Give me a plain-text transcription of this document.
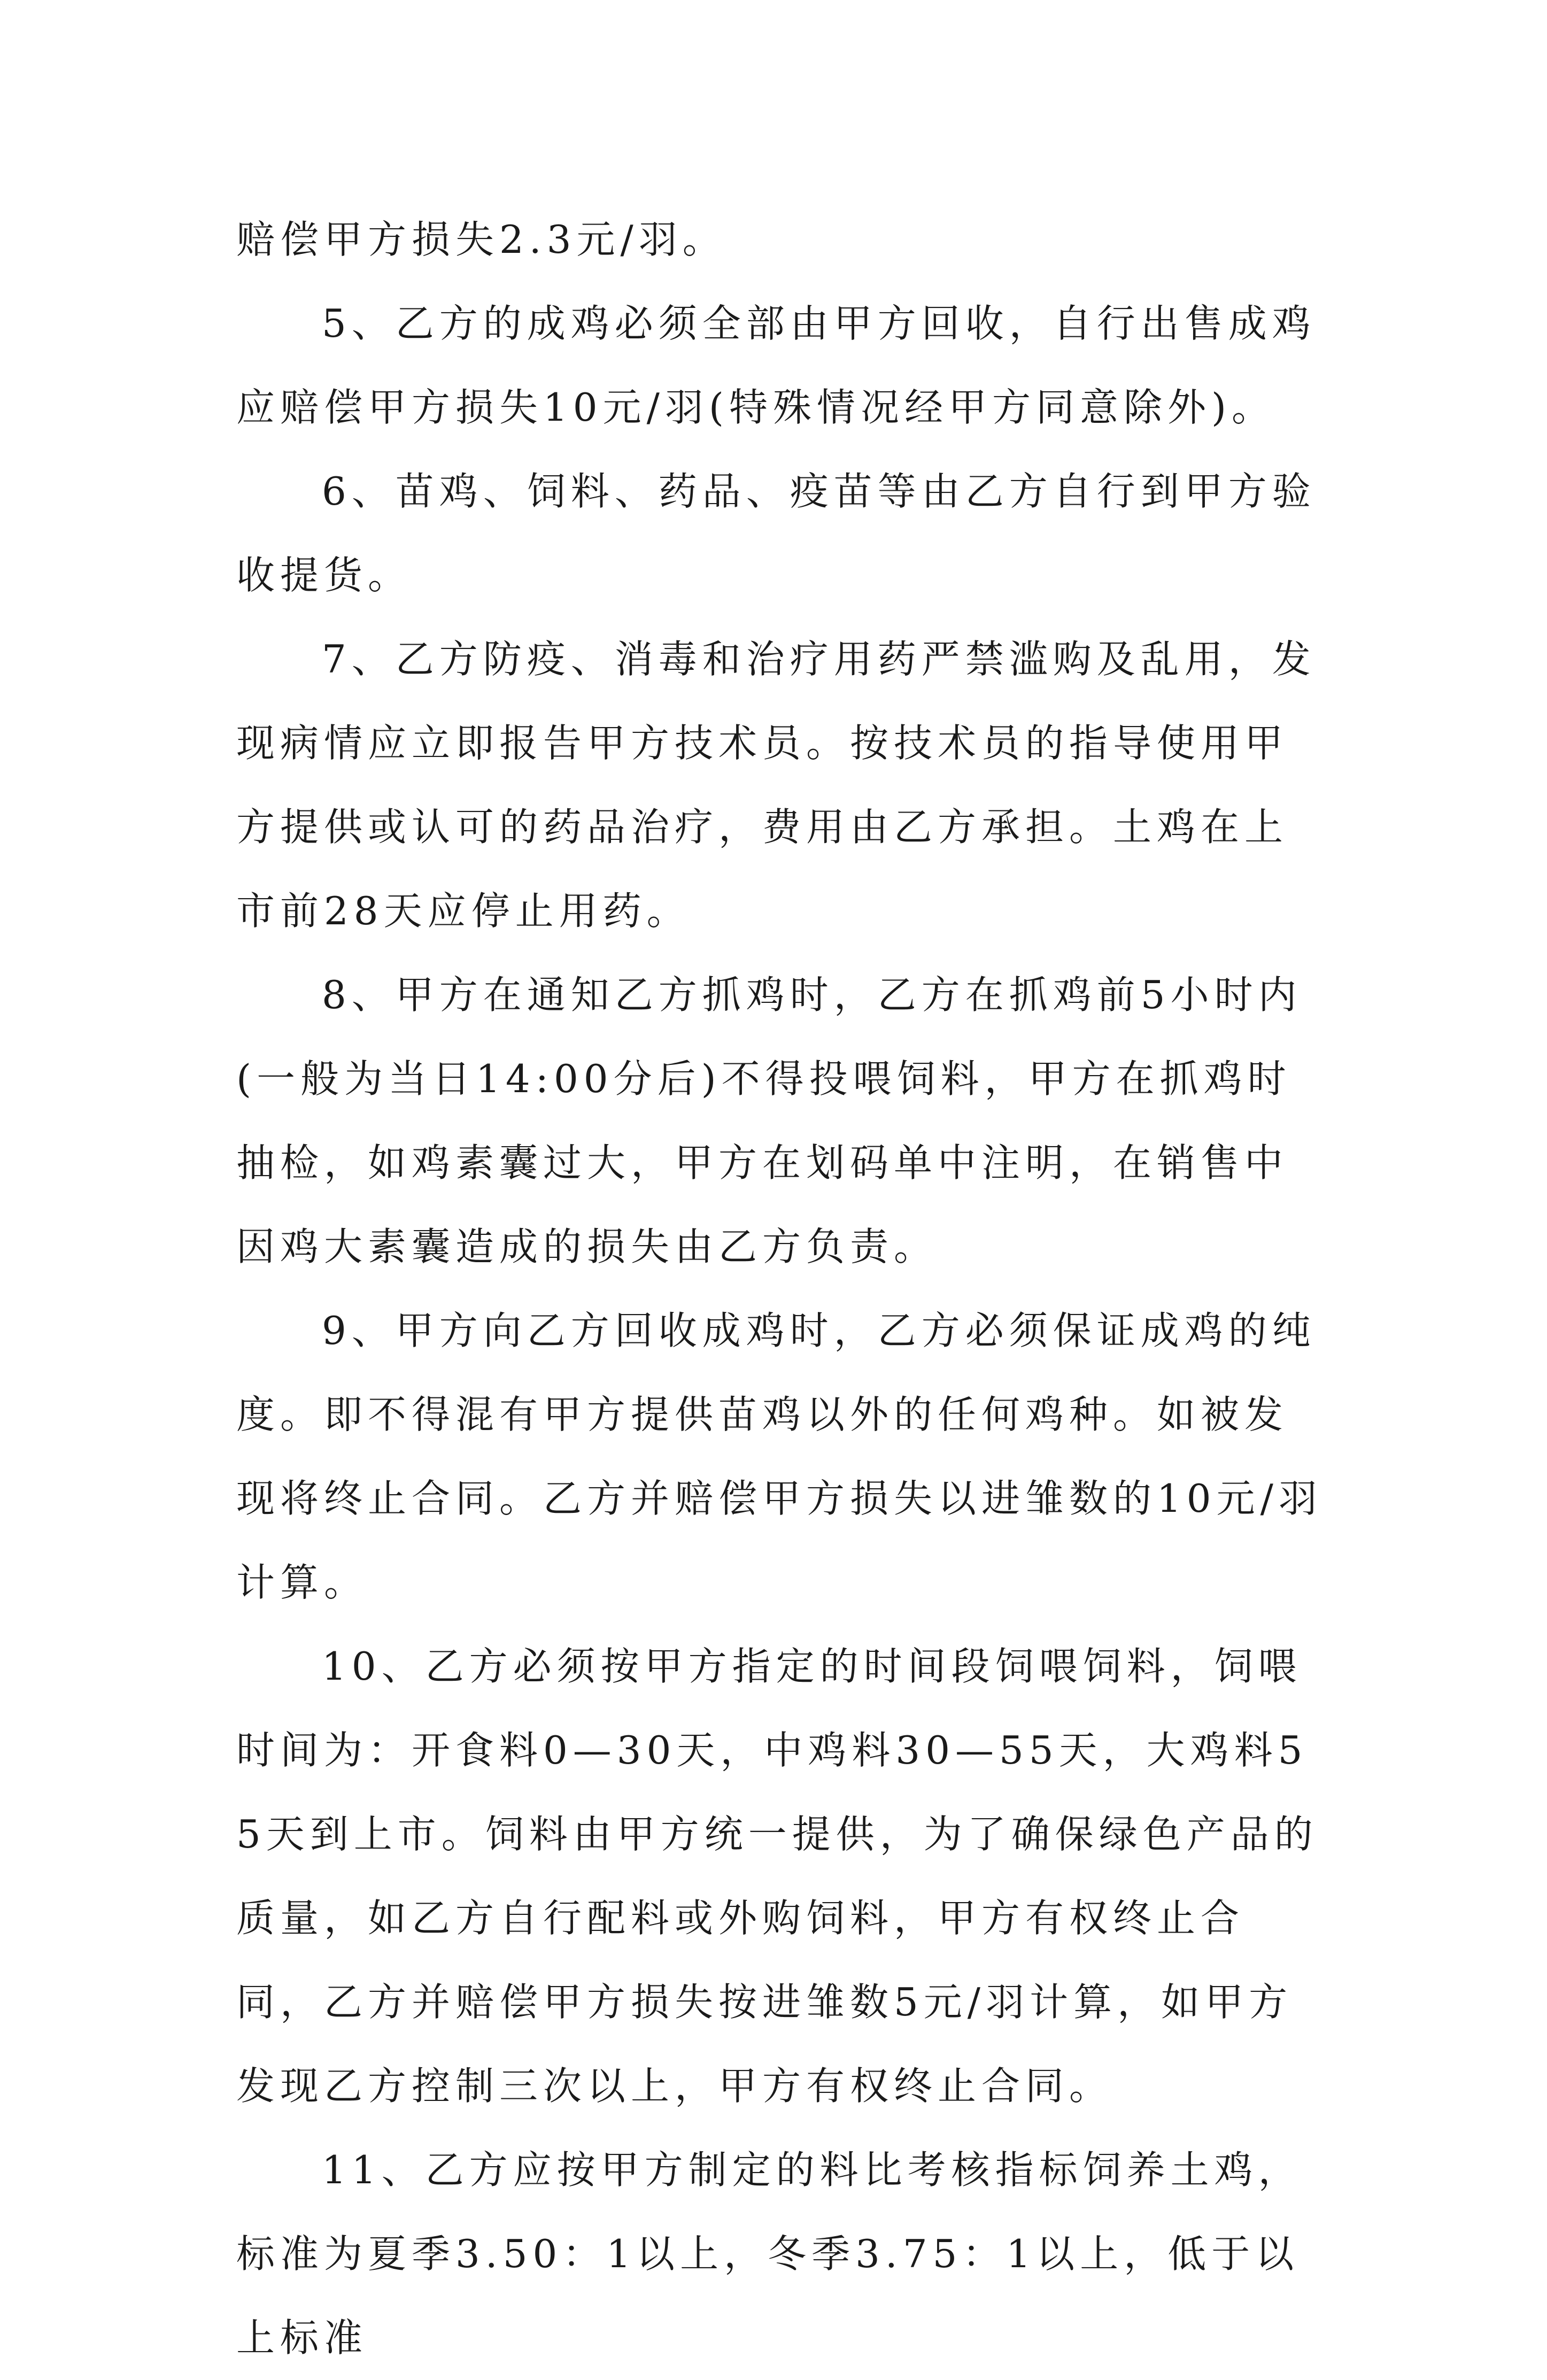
赔偿甲方损失2.3元/羽。

5、乙方的成鸡必须全部由甲方回收，自行出售成鸡应赔偿甲方损失10元/羽(特殊情况经甲方同意除外)。

6、苗鸡、饲料、药品、疫苗等由乙方自行到甲方验收提货。

7、乙方防疫、消毒和治疗用药严禁滥购及乱用，发现病情应立即报告甲方技术员。按技术员的指导使用甲方提供或认可的药品治疗，费用由乙方承担。土鸡在上市前28天应停止用药。

8、甲方在通知乙方抓鸡时，乙方在抓鸡前5小时内(一般为当日14:00分后)不得投喂饲料，甲方在抓鸡时抽检，如鸡素囊过大，甲方在划码单中注明，在销售中因鸡大素囊造成的损失由乙方负责。

9、甲方向乙方回收成鸡时，乙方必须保证成鸡的纯度。即不得混有甲方提供苗鸡以外的任何鸡种。如被发现将终止合同。乙方并赔偿甲方损失以进雏数的10元/羽计算。

10、乙方必须按甲方指定的时间段饲喂饲料，饲喂时间为：开食料0—30天，中鸡料30—55天，大鸡料55天到上市。饲料由甲方统一提供，为了确保绿色产品的质量，如乙方自行配料或外购饲料，甲方有权终止合同，乙方并赔偿甲方损失按进雏数5元/羽计算，如甲方发现乙方控制三次以上，甲方有权终止合同。

11、乙方应按甲方制定的料比考核指标饲养土鸡，标准为夏季3.50：1以上，冬季3.75：1以上，低于以上标准
